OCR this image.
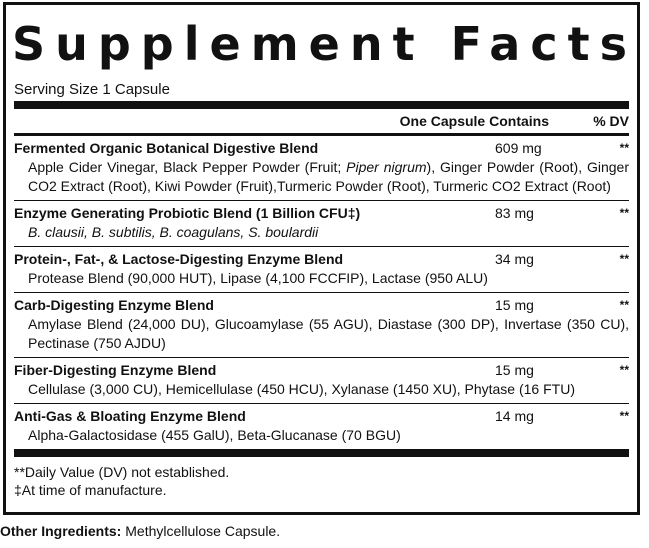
Supplement Facts
Serving Size 1 Capsule
One Capsule Contains	% DV
Fermented Organic Botanical Digestive Blend	609 mg	**
Apple Cider Vinegar, Black Pepper Powder (Fruit; Piper nigrum), Ginger Powder (Root), Ginger CO2 Extract (Root), Kiwi Powder (Fruit),Turmeric Powder (Root), Turmeric CO2 Extract (Root)
Enzyme Generating Probiotic Blend (1 Billion CFU‡)	83 mg	**
B. clausii, B. subtilis, B. coagulans, S. boulardii
Protein-, Fat-, & Lactose-Digesting Enzyme Blend	34 mg	**
Protease Blend (90,000 HUT), Lipase (4,100 FCCFIP), Lactase (950 ALU)
Carb-Digesting Enzyme Blend	15 mg	**
Amylase Blend (24,000 DU), Glucoamylase (55 AGU), Diastase (300 DP), Invertase (350 CU), Pectinase (750 AJDU)
Fiber-Digesting Enzyme Blend	15 mg	**
Cellulase (3,000 CU), Hemicellulase (450 HCU), Xylanase (1450 XU), Phytase (16 FTU)
Anti-Gas & Bloating Enzyme Blend	14 mg	**
Alpha-Galactosidase (455 GalU), Beta-Glucanase (70 BGU)
**Daily Value (DV) not established.
‡At time of manufacture.
Other Ingredients: Methylcellulose Capsule.
